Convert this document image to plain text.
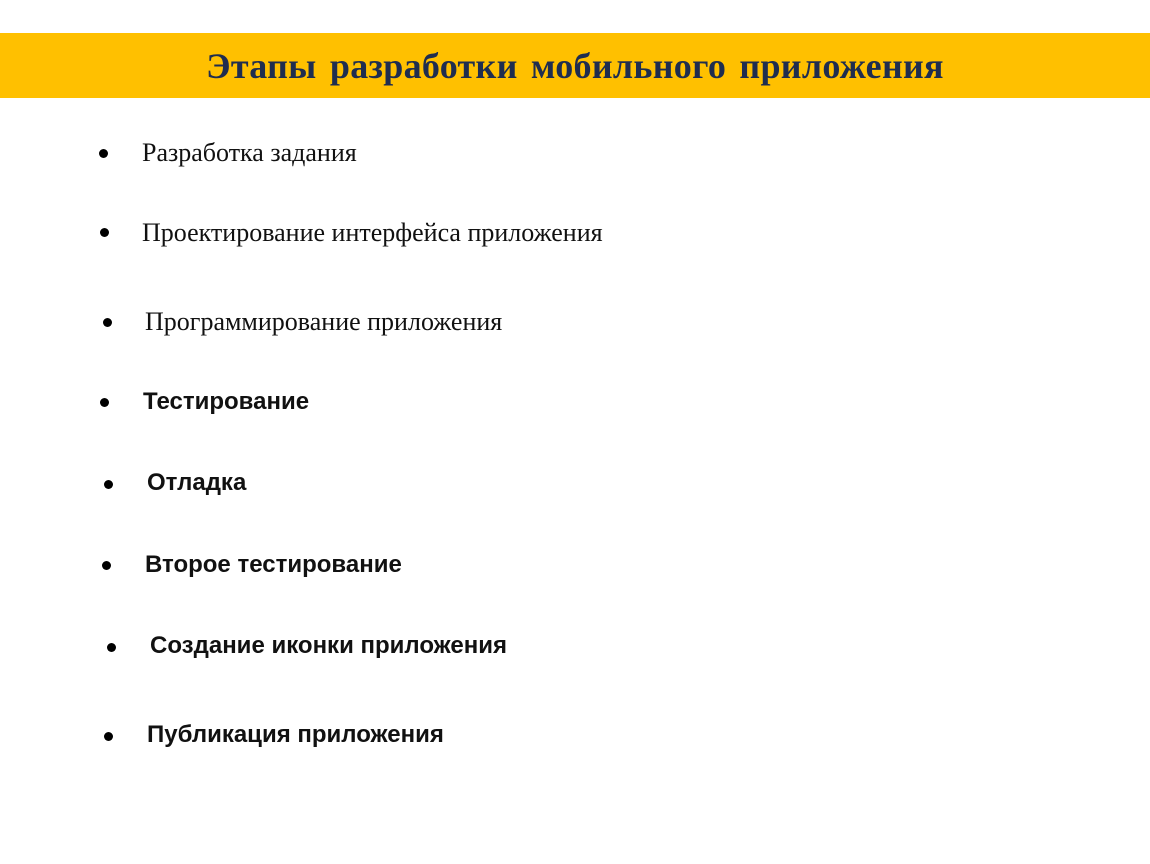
Этапы разработки мобильного приложения
Разработка задания
Проектирование интерфейса приложения
Программирование приложения
Тестирование
Отладка
Второе тестирование
Создание иконки приложения
Публикация приложения
